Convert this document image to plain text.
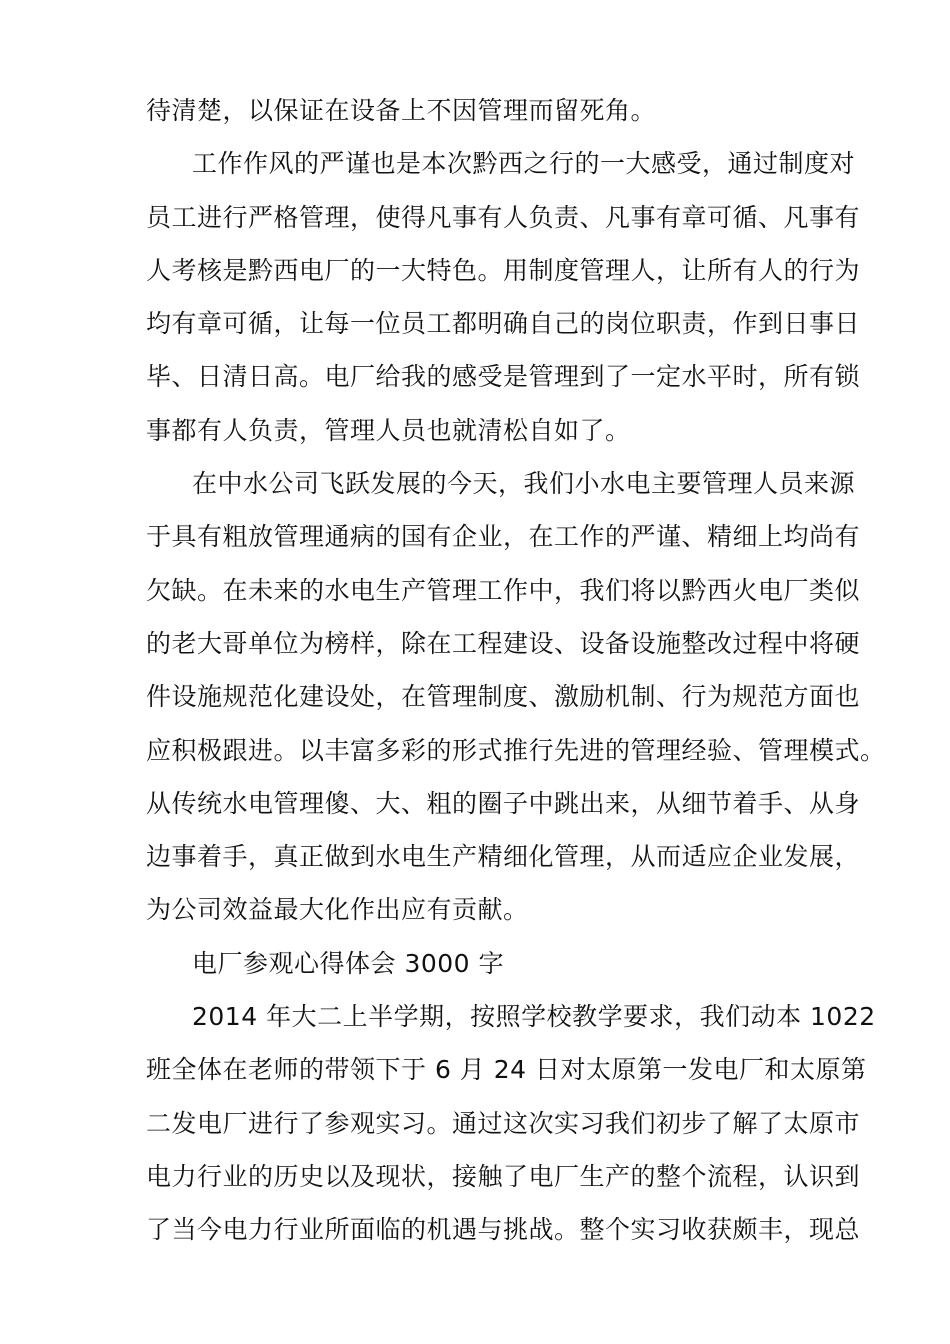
待清楚，以保证在设备上不因管理而留死角。
工作作风的严谨也是本次黔西之行的一大感受，通过制度对
员工进行严格管理，使得凡事有人负责、凡事有章可循、凡事有
人考核是黔西电厂的一大特色。用制度管理人，让所有人的行为
均有章可循，让每一位员工都明确自己的岗位职责，作到日事日
毕、日清日高。电厂给我的感受是管理到了一定水平时，所有锁
事都有人负责，管理人员也就清松自如了。
在中水公司飞跃发展的今天，我们小水电主要管理人员来源
于具有粗放管理通病的国有企业，在工作的严谨、精细上均尚有
欠缺。在未来的水电生产管理工作中，我们将以黔西火电厂类似
的老大哥单位为榜样，除在工程建设、设备设施整改过程中将硬
件设施规范化建设处，在管理制度、激励机制、行为规范方面也
应积极跟进。以丰富多彩的形式推行先进的管理经验、管理模式。
从传统水电管理傻、大、粗的圈子中跳出来，从细节着手、从身
边事着手，真正做到水电生产精细化管理，从而适应企业发展，
为公司效益最大化作出应有贡献。
电厂参观心得体会 3000 字
2014 年大二上半学期，按照学校教学要求，我们动本 1022
班全体在老师的带领下于 6 月 24 日对太原第一发电厂和太原第
二发电厂进行了参观实习。通过这次实习我们初步了解了太原市
电力行业的历史以及现状，接触了电厂生产的整个流程，认识到
了当今电力行业所面临的机遇与挑战。整个实习收获颇丰，现总
